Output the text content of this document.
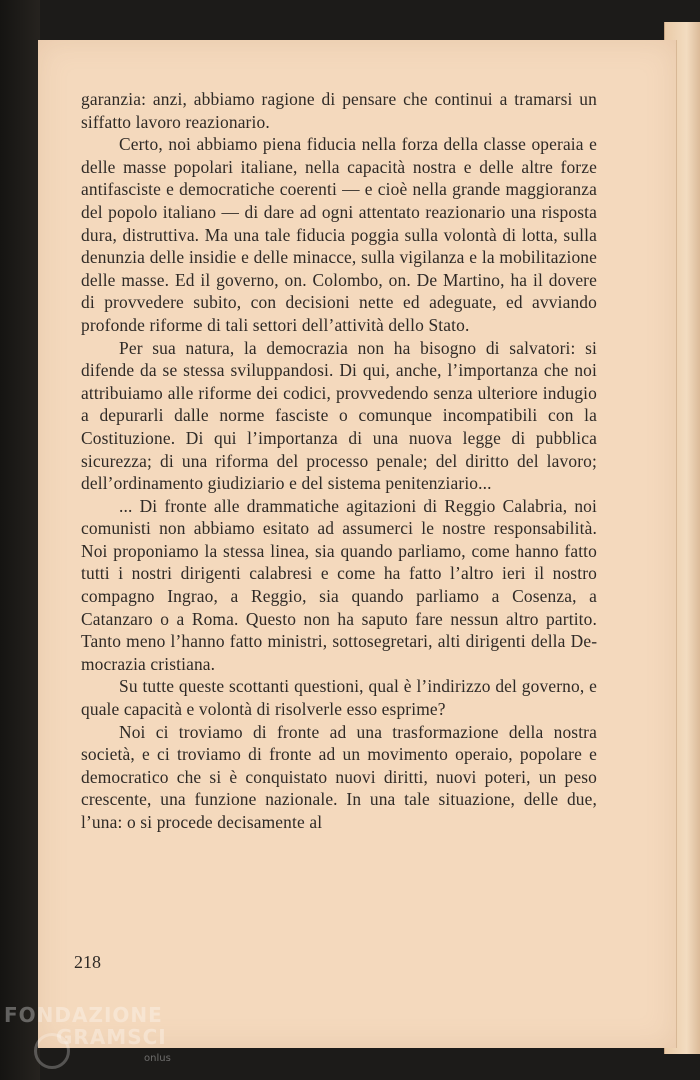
garanzia: anzi, abbiamo ragione di pensare che continui a tramarsi un siffatto lavoro reazionario.

Certo, noi abbiamo piena fiducia nella forza della classe operaia e delle masse popolari italiane, nella capacità nostra e delle altre forze antifasciste e democratiche coerenti — e cioè nella grande maggioranza del popolo italiano — di dare ad ogni attentato reazionario una risposta dura, distruttiva. Ma una tale fiducia poggia sulla volontà di lotta, sulla denunzia delle insidie e delle minacce, sulla vigilanza e la mobilitazione delle masse. Ed il governo, on. Colombo, on. De Martino, ha il dovere di provvedere subito, con decisioni nette ed adeguate, ed avviando profonde riforme di tali settori dell’attività dello Stato.

Per sua natura, la democrazia non ha bisogno di salvatori: si difende da se stessa sviluppandosi. Di qui, anche, l’importanza che noi attribuiamo alle riforme dei codici, provvedendo senza ulteriore indugio a depurarli dalle norme fasciste o comunque incompatibili con la Costituzione. Di qui l’importanza di una nuova legge di pubblica sicurezza; di una riforma del processo penale; del diritto del lavoro; dell’ordinamento giudiziario e del sistema penitenziario...

... Di fronte alle drammatiche agitazioni di Reggio Calabria, noi comunisti non abbiamo esitato ad assumerci le nostre responsabilità. Noi proponiamo la stessa linea, sia quando parliamo, come hanno fatto tutti i nostri dirigenti calabresi e come ha fatto l’altro ieri il nostro compagno Ingrao, a Reggio, sia quando parliamo a Cosenza, a Catanzaro o a Roma. Questo non ha saputo fare nessun altro partito. Tanto meno l’hanno fatto ministri, sottosegretari, alti dirigenti della Democrazia cristiana.

Su tutte queste scottanti questioni, qual è l’indirizzo del governo, e quale capacità e volontà di risolverle esso esprime?

Noi ci troviamo di fronte ad una trasformazione della nostra società, e ci troviamo di fronte ad un movimento operaio, popolare e democratico che si è conquistato nuovi diritti, nuovi poteri, un peso crescente, una funzione nazionale. In una tale situazione, delle due, l’una: o si procede decisamente al

218
FONDAZIONE
GRAMSCI
onlus
